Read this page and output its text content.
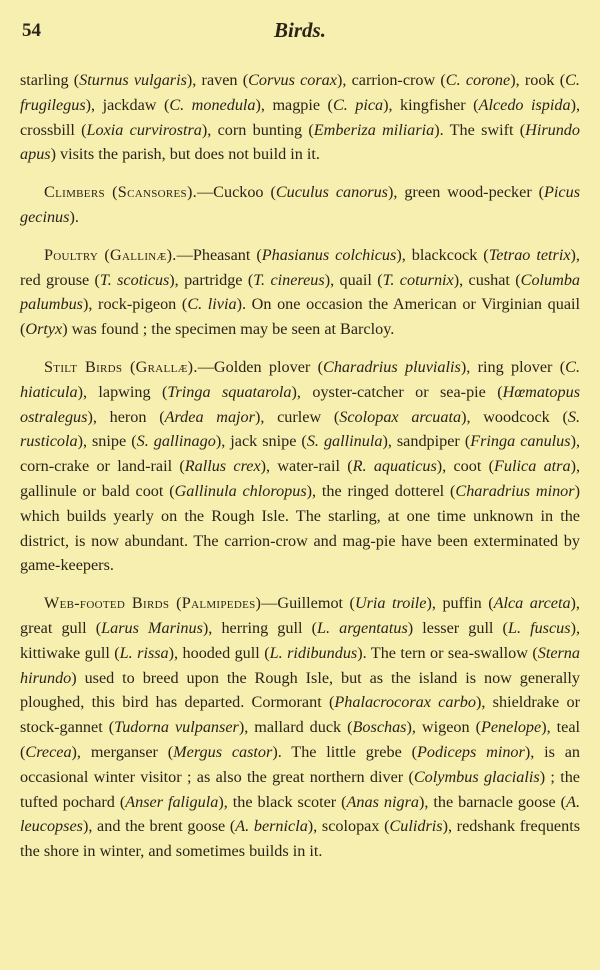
54	Birds.

starling (Sturnus vulgaris), raven (Corvus corax), carrion-crow (C. corone), rook (C. frugilegus), jackdaw (C. monedula), magpie (C. pica), kingfisher (Alcedo ispida), crossbill (Loxia curvirostra), corn bunting (Emberiza miliaria). The swift (Hirundo apus) visits the parish, but does not build in it.

Climbers (Scansores).—Cuckoo (Cuculus canorus), green wood-pecker (Picus gecinus).

Poultry (Gallinæ).—Pheasant (Phasianus colchicus), blackcock (Tetrao tetrix), red grouse (T. scoticus), partridge (T. cinereus), quail (T. coturnix), cushat (Columba palumbus), rock-pigeon (C. livia). On one occasion the American or Virginian quail (Ortyx) was found ; the specimen may be seen at Barcloy.

Stilt Birds (Grallæ).—Golden plover (Charadrius pluvialis), ring plover (C. hiaticula), lapwing (Tringa squatarola), oyster-catcher or sea-pie (Hœmatopus ostralegus), heron (Ardea major), curlew (Scolopax arcuata), woodcock (S. rusticola), snipe (S. gallinago), jack snipe (S. gallinula), sandpiper (Fringa canulus), corn-crake or land-rail (Rallus crex), water-rail (R. aquaticus), coot (Fulica atra), gallinule or bald coot (Gallinula chloropus), the ringed dotterel (Charadrius minor) which builds yearly on the Rough Isle. The starling, at one time unknown in the district, is now abundant. The carrion-crow and mag-pie have been exterminated by game-keepers.

Web-footed Birds (Palmipedes)—Guillemot (Uria troile), puffin (Alca arceta), great gull (Larus Marinus), herring gull (L. argentatus) lesser gull (L. fuscus), kittiwake gull (L. rissa), hooded gull (L. ridibundus). The tern or sea-swallow (Sterna hirundo) used to breed upon the Rough Isle, but as the island is now generally ploughed, this bird has departed. Cormorant (Phalacrocorax carbo), shieldrake or stock-gannet (Tudorna vulpanser), mallard duck (Boschas), wigeon (Penelope), teal (Crecea), merganser (Mergus castor). The little grebe (Podiceps minor), is an occasional winter visitor ; as also the great northern diver (Colymbus glacialis) ; the tufted pochard (Anser faligula), the black scoter (Anas nigra), the barnacle goose (A. leucopses), and the brent goose (A. bernicla), scolopax (Culidris), redshank frequents the shore in winter, and sometimes builds in it.
